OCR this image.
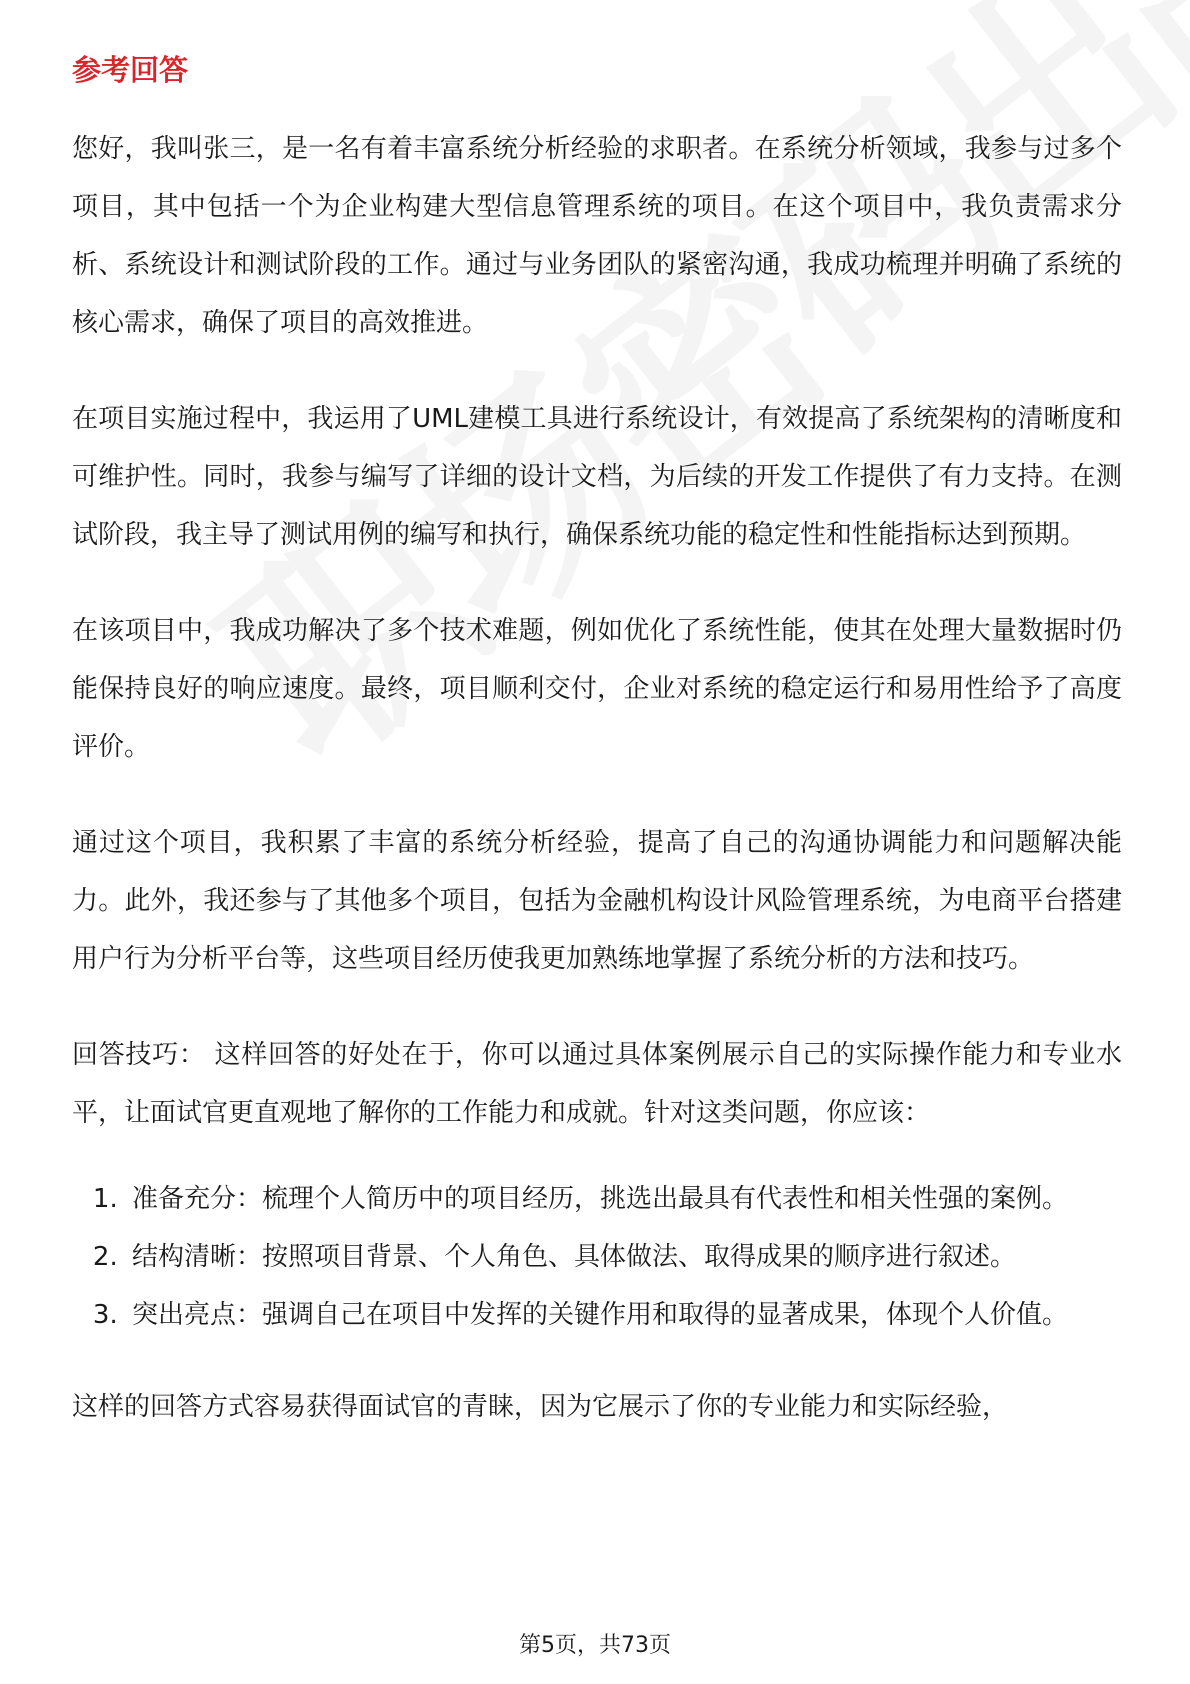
参考回答

您好，我叫张三，是一名有着丰富系统分析经验的求职者。在系统分析领域，我参与过多个项目，其中包括一个为企业构建大型信息管理系统的项目。在这个项目中，我负责需求分析、系统设计和测试阶段的工作。通过与业务团队的紧密沟通，我成功梳理并明确了系统的核心需求，确保了项目的高效推进。

在项目实施过程中，我运用了UML建模工具进行系统设计，有效提高了系统架构的清晰度和可维护性。同时，我参与编写了详细的设计文档，为后续的开发工作提供了有力支持。在测试阶段，我主导了测试用例的编写和执行，确保系统功能的稳定性和性能指标达到预期。

在该项目中，我成功解决了多个技术难题，例如优化了系统性能，使其在处理大量数据时仍能保持良好的响应速度。最终，项目顺利交付，企业对系统的稳定运行和易用性给予了高度评价。

通过这个项目，我积累了丰富的系统分析经验，提高了自己的沟通协调能力和问题解决能力。此外，我还参与了其他多个项目，包括为金融机构设计风险管理系统，为电商平台搭建用户行为分析平台等，这些项目经历使我更加熟练地掌握了系统分析的方法和技巧。

回答技巧： 这样回答的好处在于，你可以通过具体案例展示自己的实际操作能力和专业水平，让面试官更直观地了解你的工作能力和成就。针对这类问题，你应该：

1. 准备充分：梳理个人简历中的项目经历，挑选出最具有代表性和相关性强的案例。
2. 结构清晰：按照项目背景、个人角色、具体做法、取得成果的顺序进行叙述。
3. 突出亮点：强调自己在项目中发挥的关键作用和取得的显著成果，体现个人价值。

这样的回答方式容易获得面试官的青睐，因为它展示了你的专业能力和实际经验，

第5页，共73页
